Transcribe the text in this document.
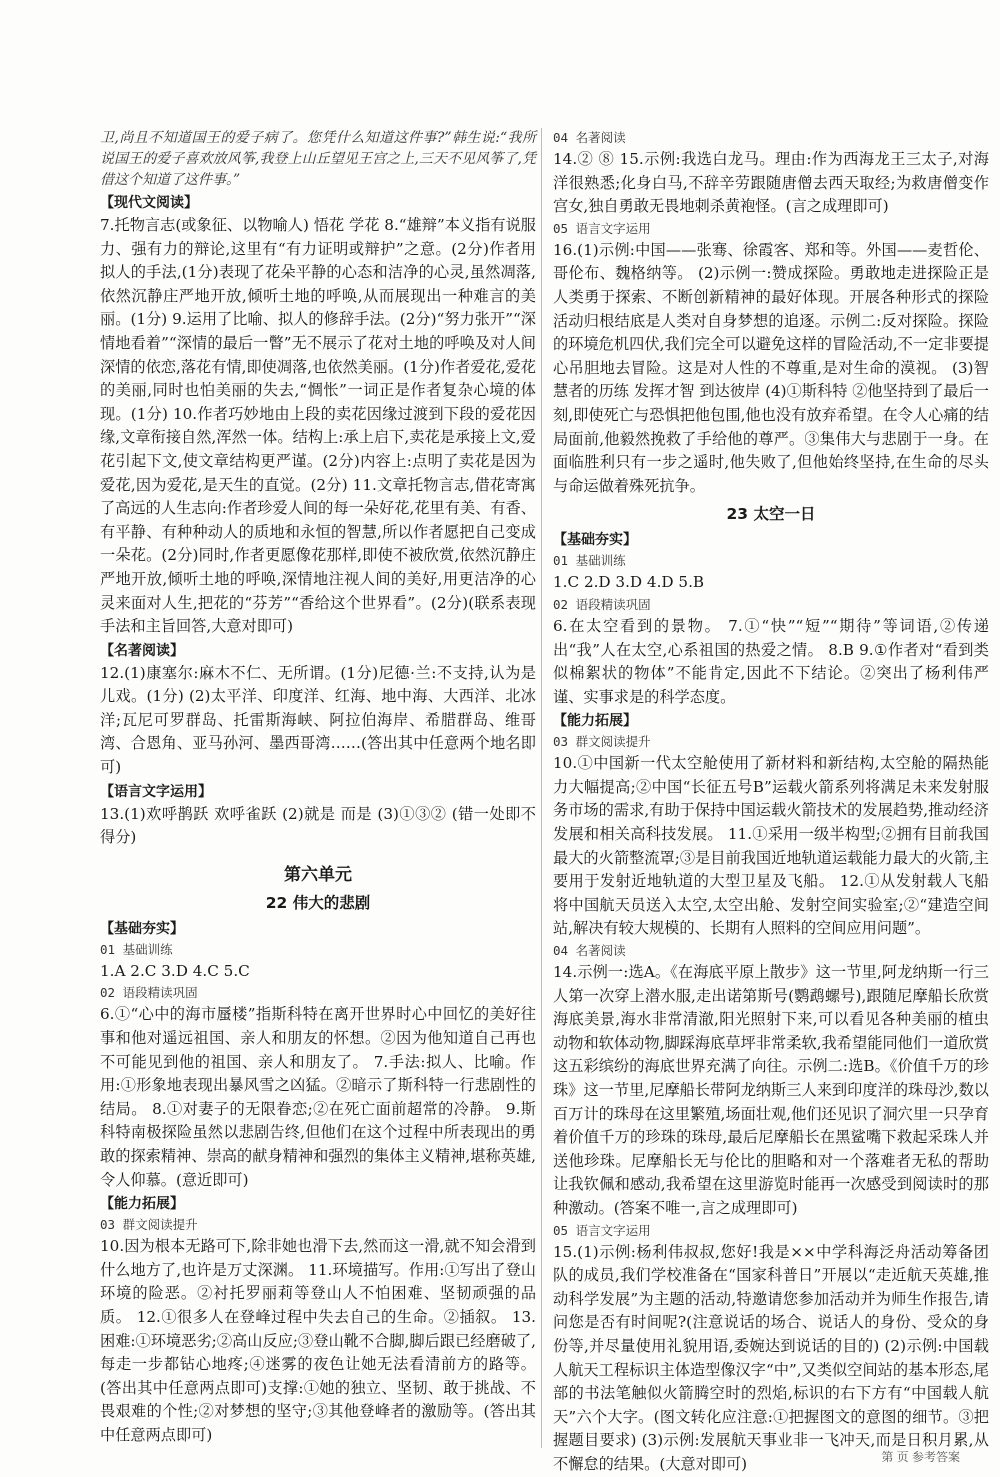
卫,尚且不知道国王的爱子病了。您凭什么知道这件事?”韩生说:“我所说国王的爱子喜欢放风筝,我登上山丘望见王宫之上,三天不见风筝了,凭借这个知道了这件事。”

【现代文阅读】

7.托物言志(或象征、以物喻人) 悟花 学花 8.“雄辩”本义指有说服力、强有力的辩论,这里有“有力证明或辩护”之意。(2分)作者用拟人的手法,(1分)表现了花朵平静的心态和洁净的心灵,虽然凋落,依然沉静庄严地开放,倾听土地的呼唤,从而展现出一种难言的美丽。(1分) 9.运用了比喻、拟人的修辞手法。(2分)“努力张开”“深情地看着”“深情的最后一瞥”无不展示了花对土地的呼唤及对人间深情的依恋,落花有情,即使凋落,也依然美丽。(1分)作者爱花,爱花的美丽,同时也怕美丽的失去,“惆怅”一词正是作者复杂心境的体现。(1分) 10.作者巧妙地由上段的卖花因缘过渡到下段的爱花因缘,文章衔接自然,浑然一体。结构上:承上启下,卖花是承接上文,爱花引起下文,使文章结构更严谨。(2分)内容上:点明了卖花是因为爱花,因为爱花,是天生的直觉。(2分) 11.文章托物言志,借花寄寓了高远的人生志向:作者珍爱人间的每一朵好花,花里有美、有香、有平静、有种种动人的质地和永恒的智慧,所以作者愿把自己变成一朵花。(2分)同时,作者更愿像花那样,即使不被欣赏,依然沉静庄严地开放,倾听土地的呼唤,深情地注视人间的美好,用更洁净的心灵来面对人生,把花的“芬芳”“香给这个世界看”。(2分)(联系表现手法和主旨回答,大意对即可)

【名著阅读】

12.(1)康塞尔:麻木不仁、无所谓。(1分)尼德·兰:不支持,认为是儿戏。(1分) (2)太平洋、印度洋、红海、地中海、大西洋、北冰洋;瓦尼可罗群岛、托雷斯海峡、阿拉伯海岸、希腊群岛、维哥湾、合恩角、亚马孙河、墨西哥湾……(答出其中任意两个地名即可)

【语言文字运用】

13.(1)欢呼鹊跃 欢呼雀跃 (2)就是 而是 (3)①③② (错一处即不得分)

第六单元
22 伟大的悲剧
【基础夯实】
01 基础训练

1.A 2.C 3.D 4.C 5.C

02 语段精读巩固

6.①“心中的海市蜃楼”指斯科特在离开世界时心中回忆的美好往事和他对遥远祖国、亲人和朋友的怀想。②因为他知道自己再也不可能见到他的祖国、亲人和朋友了。 7.手法:拟人、比喻。作用:①形象地表现出暴风雪之凶猛。②暗示了斯科特一行悲剧性的结局。 8.①对妻子的无限眷恋;②在死亡面前超常的冷静。 9.斯科特南极探险虽然以悲剧告终,但他们在这个过程中所表现出的勇敢的探索精神、崇高的献身精神和强烈的集体主义精神,堪称英雄,令人仰慕。(意近即可)

【能力拓展】
03 群文阅读提升

10.因为根本无路可下,除非她也滑下去,然而这一滑,就不知会滑到什么地方了,也许是万丈深渊。 11.环境描写。作用:①写出了登山环境的险恶。②衬托罗丽莉等登山人不怕困难、坚韧顽强的品质。 12.①很多人在登峰过程中失去自己的生命。②插叙。 13.困难:①环境恶劣;②高山反应;③登山靴不合脚,脚后跟已经磨破了,每走一步都钻心地疼;④迷雾的夜色让她无法看清前方的路等。(答出其中任意两点即可)支撑:①她的独立、坚韧、敢于挑战、不畏艰难的个性;②对梦想的坚守;③其他登峰者的激励等。(答出其中任意两点即可)

04 名著阅读

14.② ⑧ 15.示例:我选白龙马。理由:作为西海龙王三太子,对海洋很熟悉;化身白马,不辞辛劳跟随唐僧去西天取经;为救唐僧变作宫女,独自勇敢无畏地刺杀黄袍怪。(言之成理即可)

05 语言文字运用

16.(1)示例:中国——张骞、徐霞客、郑和等。外国——麦哲伦、哥伦布、魏格纳等。 (2)示例一:赞成探险。勇敢地走进探险正是人类勇于探索、不断创新精神的最好体现。开展各种形式的探险活动归根结底是人类对自身梦想的追逐。示例二:反对探险。探险的环境危机四伏,我们完全可以避免这样的冒险活动,不一定非要提心吊胆地去冒险。这是对人性的不尊重,是对生命的漠视。 (3)智慧者的历练 发挥才智 到达彼岸 (4)①斯科特 ②他坚持到了最后一刻,即使死亡与恐惧把他包围,他也没有放弃希望。在令人心痛的结局面前,他毅然挽救了手给他的尊严。③集伟大与悲剧于一身。在面临胜利只有一步之遥时,他失败了,但他始终坚持,在生命的尽头与命运做着殊死抗争。

23 太空一日
【基础夯实】
01 基础训练

1.C 2.D 3.D 4.D 5.B

02 语段精读巩固

6.在太空看到的景物。 7.①“快”“短”“期待”等词语,②传递出“我”人在太空,心系祖国的热爱之情。 8.B 9.①作者对“看到类似棉絮状的物体”不能肯定,因此不下结论。②突出了杨利伟严谨、实事求是的科学态度。

【能力拓展】
03 群文阅读提升

10.①中国新一代太空舱使用了新材料和新结构,太空舱的隔热能力大幅提高;②中国“长征五号B”运载火箭系列将满足未来发射服务市场的需求,有助于保持中国运载火箭技术的发展趋势,推动经济发展和相关高科技发展。 11.①采用一级半构型;②拥有目前我国最大的火箭整流罩;③是目前我国近地轨道运载能力最大的火箭,主要用于发射近地轨道的大型卫星及飞船。 12.①从发射载人飞船将中国航天员送入太空,太空出舱、发射空间实验室;②“建造空间站,解决有较大规模的、长期有人照料的空间应用问题”。

04 名著阅读

14.示例一:选A。《在海底平原上散步》这一节里,阿龙纳斯一行三人第一次穿上潜水服,走出诺第斯号(鹦鹉螺号),跟随尼摩船长欣赏海底美景,海水非常清澈,阳光照射下来,可以看见各种美丽的植虫动物和软体动物,脚踩海底草坪非常柔软,我希望能同他们一道欣赏这五彩缤纷的海底世界充满了向往。示例二:选B。《价值千万的珍珠》这一节里,尼摩船长带阿龙纳斯三人来到印度洋的珠母沙,数以百万计的珠母在这里繁殖,场面壮观,他们还见识了洞穴里一只孕育着价值千万的珍珠的珠母,最后尼摩船长在黑鲨嘴下救起采珠人并送他珍珠。尼摩船长无与伦比的胆略和对一个落难者无私的帮助让我钦佩和感动,我希望在这里游览时能再一次感受到阅读时的那种激动。(答案不唯一,言之成理即可)

05 语言文字运用

15.(1)示例:杨利伟叔叔,您好!我是××中学科海泛舟活动筹备团队的成员,我们学校准备在“国家科普日”开展以“走近航天英雄,推动科学发展”为主题的活动,特邀请您参加活动并为师生作报告,请问您是否有时间呢?(注意说话的场合、说话人的身份、受众的身份等,并尽量使用礼貌用语,委婉达到说话的目的) (2)示例:中国载人航天工程标识主体造型像汉字“中”,又类似空间站的基本形态,尾部的书法笔触似火箭腾空时的烈焰,标识的右下方有“中国载人航天”六个大字。(图文转化应注意:①把握图文的意图的细节。③把握题目要求) (3)示例:发展航天事业非一飞冲天,而是日积月累,从不懈怠的结果。(大意对即可)	第 页 参考答案
